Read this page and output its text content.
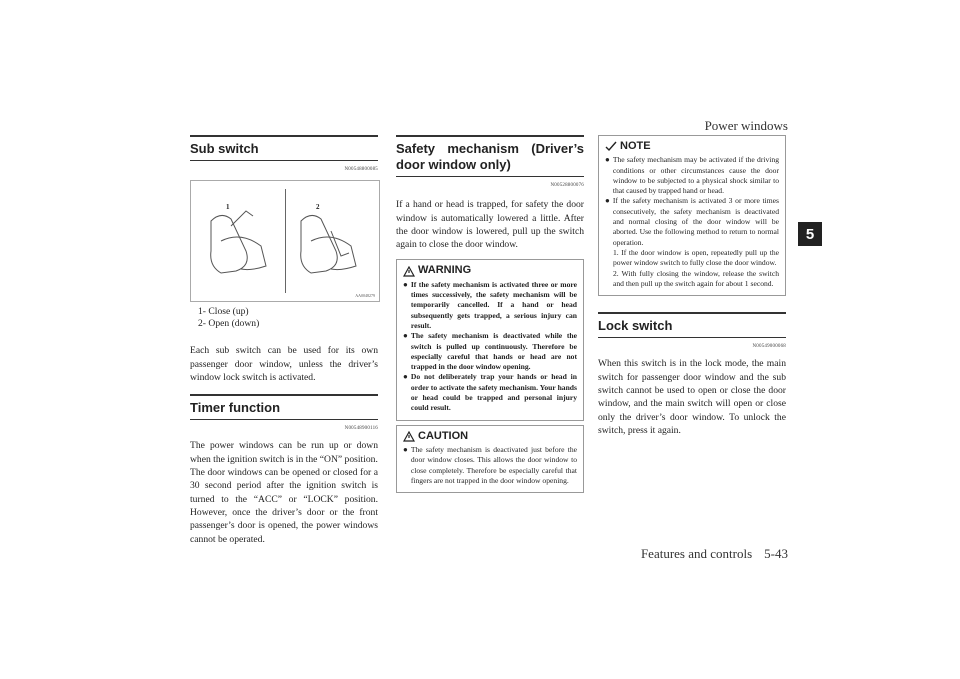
Power windows
Features and controls 5-43
5
Sub switch
N00548800085
1	2
AA0048279
1- Close (up)
2- Open (down)

Each sub switch can be used for its own passenger door window, unless the driver’s window lock switch is activated.

Timer function
N00548900116

The power windows can be run up or down when the ignition switch is in the “ON” position.

The door windows can be opened or closed for a 30 second period after the ignition switch is turned to the “ACC” or “LOCK” position. However, once the driver’s door or the front passenger’s door is opened, the power windows cannot be operated.

Safety mechanism (Driver’s door window only)
N00528800076

If a hand or head is trapped, for safety the door window is automatically lowered a little. After the door window is lowered, pull up the switch again to close the door window.

WARNING
● If the safety mechanism is activated three or more times successively, the safety mechanism will be temporarily cancelled. If a hand or head subsequently gets trapped, a serious injury can result.
● The safety mechanism is deactivated while the switch is pulled up continuously. Therefore be especially careful that hands or head are not trapped in the door window opening.
● Do not deliberately trap your hands or head in order to activate the safety mechanism. Your hands or head could be trapped and personal injury could result.
CAUTION
● The safety mechanism is deactivated just before the door window closes. This allows the door window to close completely. Therefore be especially careful that fingers are not trapped in the door window opening.
NOTE
● The safety mechanism may be activated if the driving conditions or other circumstances cause the door window to be subjected to a physical shock similar to that caused by trapped hand or head.
● If the safety mechanism is activated 3 or more times consecutively, the safety mechanism is deactivated and normal closing of the door window will be aborted. Use the following method to return to normal operation.
1. If the door window is open, repeatedly pull up the power window switch to fully close the door window.
2. With fully closing the window, release the switch and then pull up the switch again for about 1 second.
Lock switch
N00549000068

When this switch is in the lock mode, the main switch for passenger door window and the sub switch cannot be used to open or close the door window, and the main switch will open or close only the driver’s door window. To unlock the switch, press it again.
